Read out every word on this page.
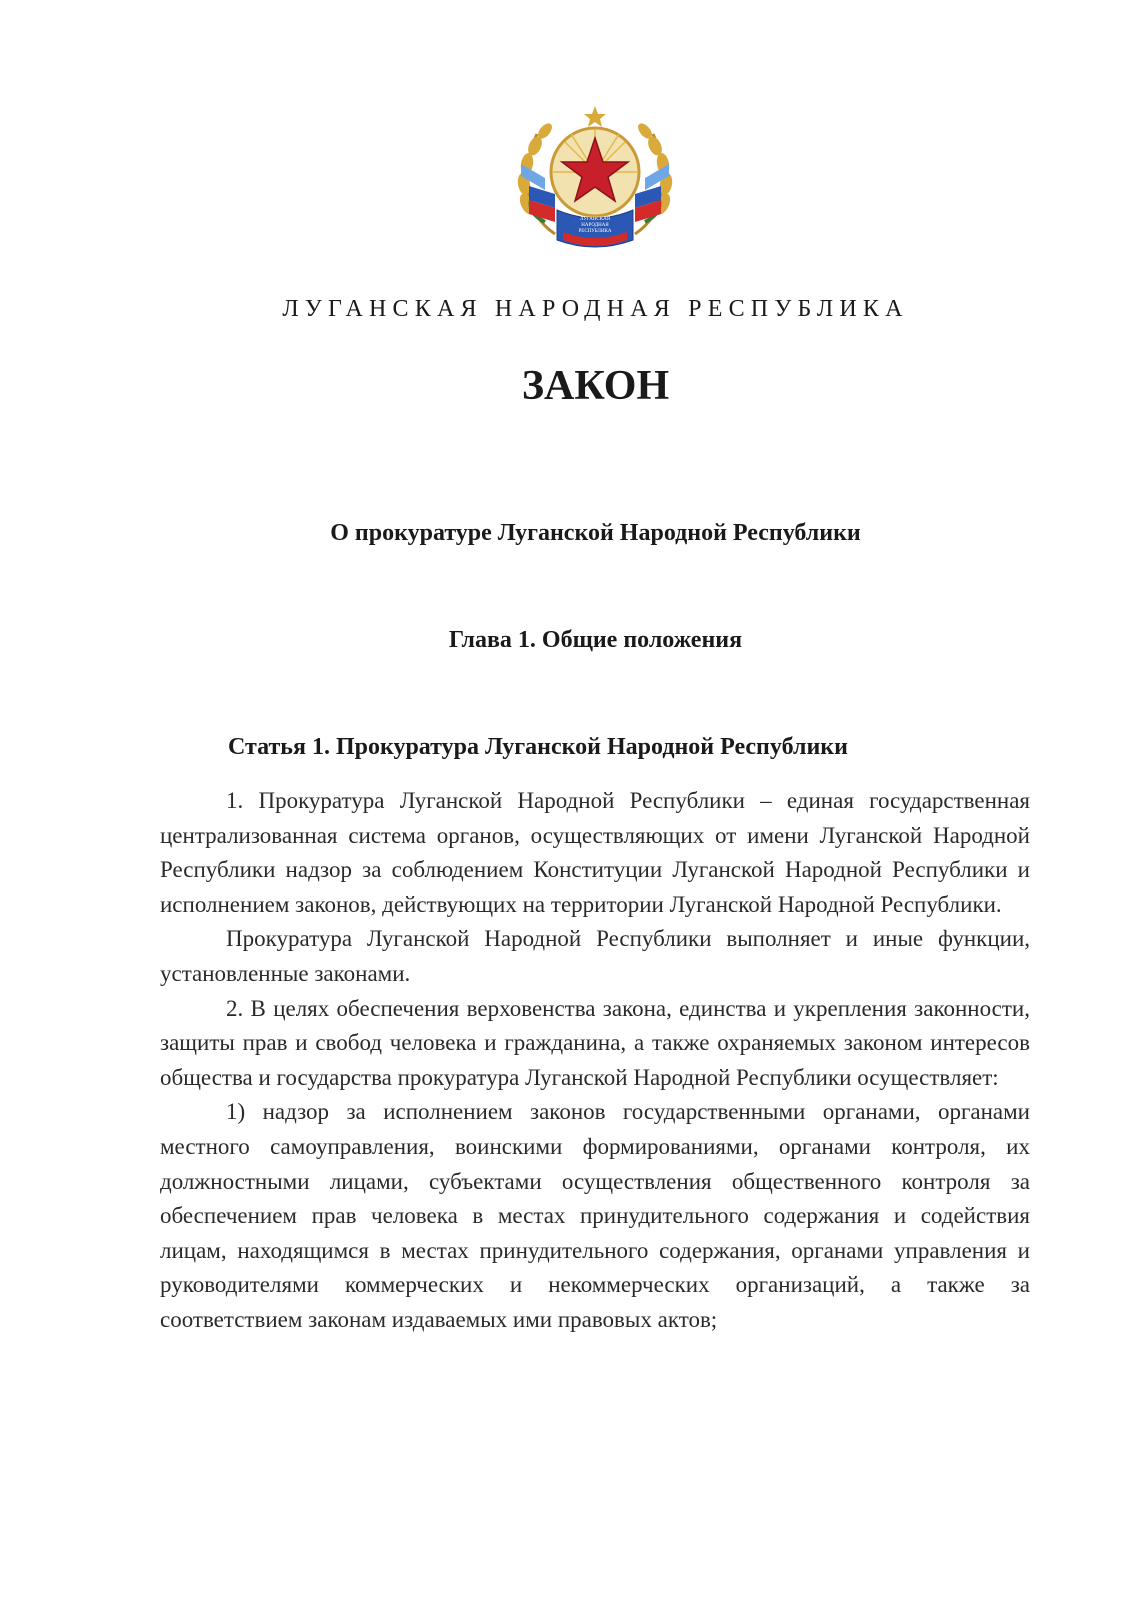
ЛУГАНСКАЯ
НАРОДНАЯ
РЕСПУБЛИКА
ЛУГАНСКАЯ НАРОДНАЯ РЕСПУБЛИКА
ЗАКОН
О прокуратуре Луганской Народной Республики
Глава 1. Общие положения
Статья 1. Прокуратура Луганской Народной Республики

1. Прокуратура Луганской Народной Республики – единая государственная централизованная система органов, осуществляющих от имени Луганской Народной Республики надзор за соблюдением Конституции Луганской Народной Республики и исполнением законов, действующих на территории Луганской Народной Республики.

Прокуратура Луганской Народной Республики выполняет и иные функции, установленные законами.

2. В целях обеспечения верховенства закона, единства и укрепления законности, защиты прав и свобод человека и гражданина, а также охраняемых законом интересов общества и государства прокуратура Луганской Народной Республики осуществляет:

1) надзор за исполнением законов государственными органами, органами местного самоуправления, воинскими формированиями, органами контроля, их должностными лицами, субъектами осуществления общественного контроля за обеспечением прав человека в местах принудительного содержания и содействия лицам, находящимся в местах принудительного содержания, органами управления и руководителями коммерческих и некоммерческих организаций, а также за соответствием законам издаваемых ими правовых актов;
